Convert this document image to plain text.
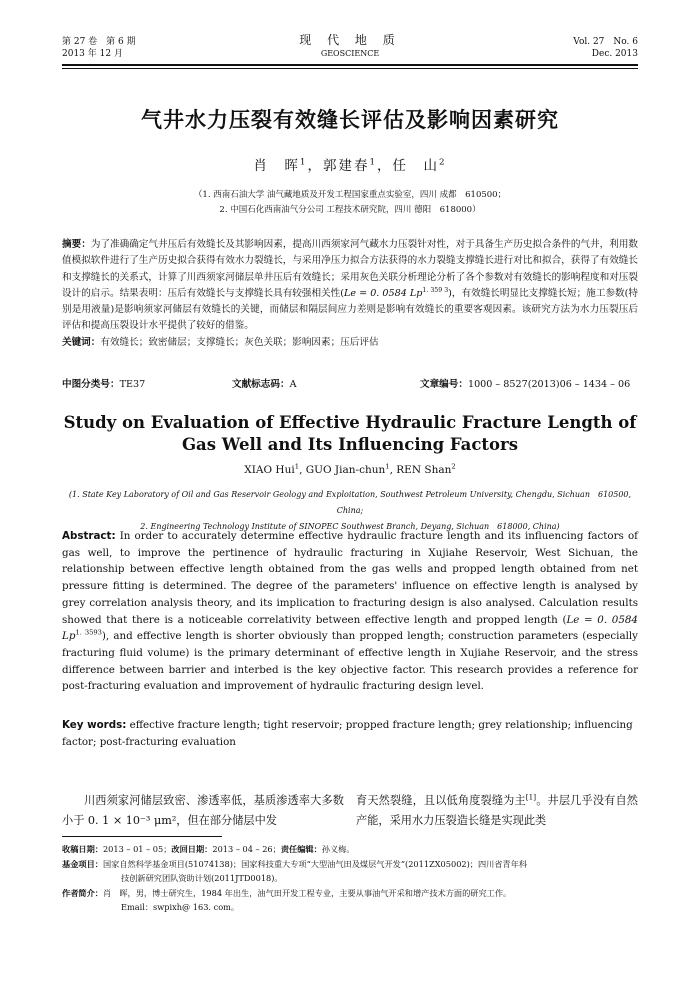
第 27 卷　第 6 期
2013 年 12 月
现 代 地 质
GEOSCIENCE
Vol. 27　No. 6
Dec. 2013
气井水力压裂有效缝长评估及影响因素研究
肖　晖$^1$，郭建春$^1$，任　山$^2$
（1. 西南石油大学 油气藏地质及开发工程国家重点实验室，四川 成都　610500；
2. 中国石化西南油气分公司 工程技术研究院，四川 德阳　618000）
摘要：为了准确确定气井压后有效缝长及其影响因素，提高川西须家河气藏水力压裂针对性，对于具备生产历史拟合条件的气井，利用数值模拟软件进行了生产历史拟合获得有效水力裂缝长，与采用净压力拟合方法获得的水力裂缝支撑缝长进行对比和拟合，获得了有效缝长和支撑缝长的关系式，计算了川西须家河储层单井压后有效缝长；采用灰色关联分析理论分析了各个参数对有效缝长的影响程度和对压裂设计的启示。结果表明：压后有效缝长与支撑缝长具有较强相关性(Le = 0. 0584 $Lp^{1. 359 3}$)，有效缝长明显比支撑缝长短；施工参数(特别是用液量)是影响须家河储层有效缝长的关键，而储层和隔层间应力差则是影响有效缝长的重要客观因素。该研究方法为水力压裂压后评估和提高压裂设计水平提供了较好的借鉴。
关键词：有效缝长；致密储层；支撑缝长；灰色关联；影响因素；压后评估
中图分类号：TE37	文献标志码：A	文章编号：1000 – 8527(2013)06 – 1434 – 06
Study on Evaluation of Effective Hydraulic Fracture Length of
Gas Well and Its Influencing Factors
XIAO Hui$^1$, GUO Jian-chun$^1$, REN Shan$^2$
(1. State Key Laboratory of Oil and Gas Reservoir Geology and Exploitation, Southwest Petroleum University, Chengdu, Sichuan　610500, China;
2. Engineering Technology Institute of SINOPEC Southwest Branch, Deyang, Sichuan　618000, China)
Abstract: In order to accurately determine effective hydraulic fracture length and its influencing factors of gas well, to improve the pertinence of hydraulic fracturing in Xujiahe Reservoir, West Sichuan, the relationship between effective length obtained from the gas wells and propped length obtained from net pressure fitting is determined. The degree of the parameters' influence on effective length is analysed by grey correlation analysis theory, and its implication to fracturing design is also analysed. Calculation results showed that there is a noticeable correlativity between effective length and propped length (Le = 0. 0584 $Lp^{1. 3593}$), and effective length is shorter obviously than propped length; construction parameters (especially fracturing fluid volume) is the primary determinant of effective length in Xujiahe Reservoir, and the stress difference between barrier and interbed is the key objective factor. This research provides a reference for post-fracturing evaluation and improvement of hydraulic fracturing design level.
Key words: effective fracture length; tight reservoir; propped fracture length; grey relationship; influencing factor; post-fracturing evaluation
川西须家河储层致密、渗透率低，基质渗透率大多数小于 0. 1 × 10⁻³ μm²，但在部分储层中发
育天然裂缝，且以低角度裂缝为主[1]。井层几乎没有自然产能，采用水力压裂造长缝是实现此类
收稿日期： 2013 – 01 – 05； 改回日期： 2013 – 04 – 26； 责任编辑： 孙义梅。
基金项目： 国家自然科学基金项目(51074138)；国家科技重大专项“大型油气田及煤层气开发”(2011ZX05002)；四川省青年科
技创新研究团队资助计划(2011JTD0018)。
作者简介： 肖　晖，男，博士研究生，1984 年出生，油气田开发工程专业，主要从事油气开采和增产技术方面的研究工作。
Email：swpixh@ 163. com。
